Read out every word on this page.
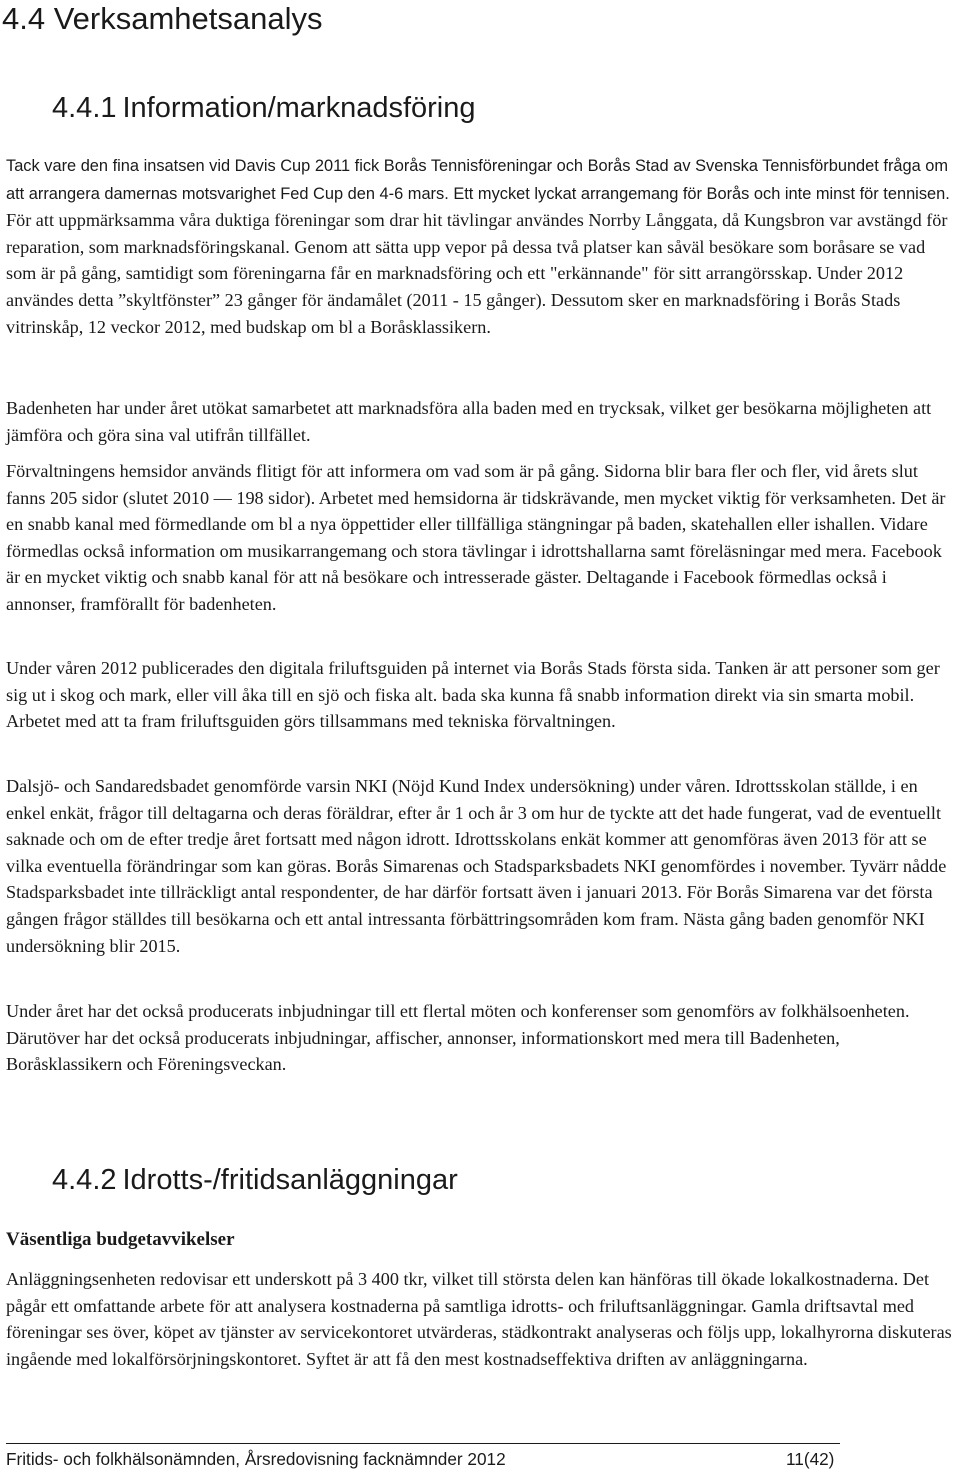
4.4 Verksamhetsanalys
4.4.1 Information/marknadsföring

Tack vare den fina insatsen vid Davis Cup 2011 fick Borås Tennisföreningar och Borås Stad av Svenska Tennisförbundet fråga om att arrangera damernas motsvarighet Fed Cup den 4-6 mars. Ett mycket lyckat arrangemang för Borås och inte minst för tennisen. För att uppmärksamma våra duktiga föreningar som drar hit tävlingar användes Norrby Långgata, då Kungsbron var avstängd för reparation, som marknadsföringskanal. Genom att sätta upp vepor på dessa två platser kan såväl besökare som boråsare se vad som är på gång, samtidigt som föreningarna får en marknadsföring och ett "erkännande" för sitt arrangörsskap. Under 2012 användes detta ”skyltfönster” 23 gånger för ändamålet (2011 - 15 gånger). Dessutom sker en marknadsföring i Borås Stads vitrinskåp, 12 veckor 2012, med budskap om bl a Boråsklassikern.

Badenheten har under året utökat samarbetet att marknadsföra alla baden med en trycksak, vilket ger besökarna möjligheten att jämföra och göra sina val utifrån tillfället.

Förvaltningens hemsidor används flitigt för att informera om vad som är på gång. Sidorna blir bara fler och fler, vid årets slut fanns 205 sidor (slutet 2010 — 198 sidor). Arbetet med hemsidorna är tidskrävande, men mycket viktig för verksamheten. Det är en snabb kanal med förmedlande om bl a nya öppettider eller tillfälliga stängningar på baden, skatehallen eller ishallen. Vidare förmedlas också information om musikarrangemang och stora tävlingar i idrottshallarna samt föreläsningar med mera. Facebook är en mycket viktig och snabb kanal för att nå besökare och intresserade gäster. Deltagande i Facebook förmedlas också i annonser, framförallt för badenheten.

Under våren 2012 publicerades den digitala friluftsguiden på internet via Borås Stads första sida. Tanken är att personer som ger sig ut i skog och mark, eller vill åka till en sjö och fiska alt. bada ska kunna få snabb information direkt via sin smarta mobil. Arbetet med att ta fram friluftsguiden görs tillsammans med tekniska förvaltningen.

Dalsjö- och Sandaredsbadet genomförde varsin NKI (Nöjd Kund Index undersökning) under våren. Idrottsskolan ställde, i en enkel enkät, frågor till deltagarna och deras föräldrar, efter år 1 och år 3 om hur de tyckte att det hade fungerat, vad de eventuellt saknade och om de efter tredje året fortsatt med någon idrott. Idrottsskolans enkät kommer att genomföras även 2013 för att se vilka eventuella förändringar som kan göras. Borås Simarenas och Stadsparksbadets NKI genomfördes i november. Tyvärr nådde Stadsparksbadet inte tillräckligt antal respondenter, de har därför fortsatt även i januari 2013. För Borås Simarena var det första gången frågor ställdes till besökarna och ett antal intressanta förbättringsområden kom fram. Nästa gång baden genomför NKI undersökning blir 2015.

Under året har det också producerats inbjudningar till ett flertal möten och konferenser som genomförs av folkhälsoenheten. Därutöver har det också producerats inbjudningar, affischer, annonser, informationskort med mera till Badenheten, Boråsklassikern och Föreningsveckan.

4.4.2 Idrotts-/fritidsanläggningar
Väsentliga budgetavvikelser

Anläggningsenheten redovisar ett underskott på 3 400 tkr, vilket till största delen kan hänföras till ökade lokalkostnaderna. Det pågår ett omfattande arbete för att analysera kostnaderna på samtliga idrotts- och friluftsanläggningar. Gamla driftsavtal med föreningar ses över, köpet av tjänster av servicekontoret utvärderas, städkontrakt analyseras och följs upp, lokalhyrorna diskuteras ingående med lokalförsörjningskontoret. Syftet är att få den mest kostnadseffektiva driften av anläggningarna.

Fritids- och folkhälsonämnden, Årsredovisning facknämnder 2012	11(42)
